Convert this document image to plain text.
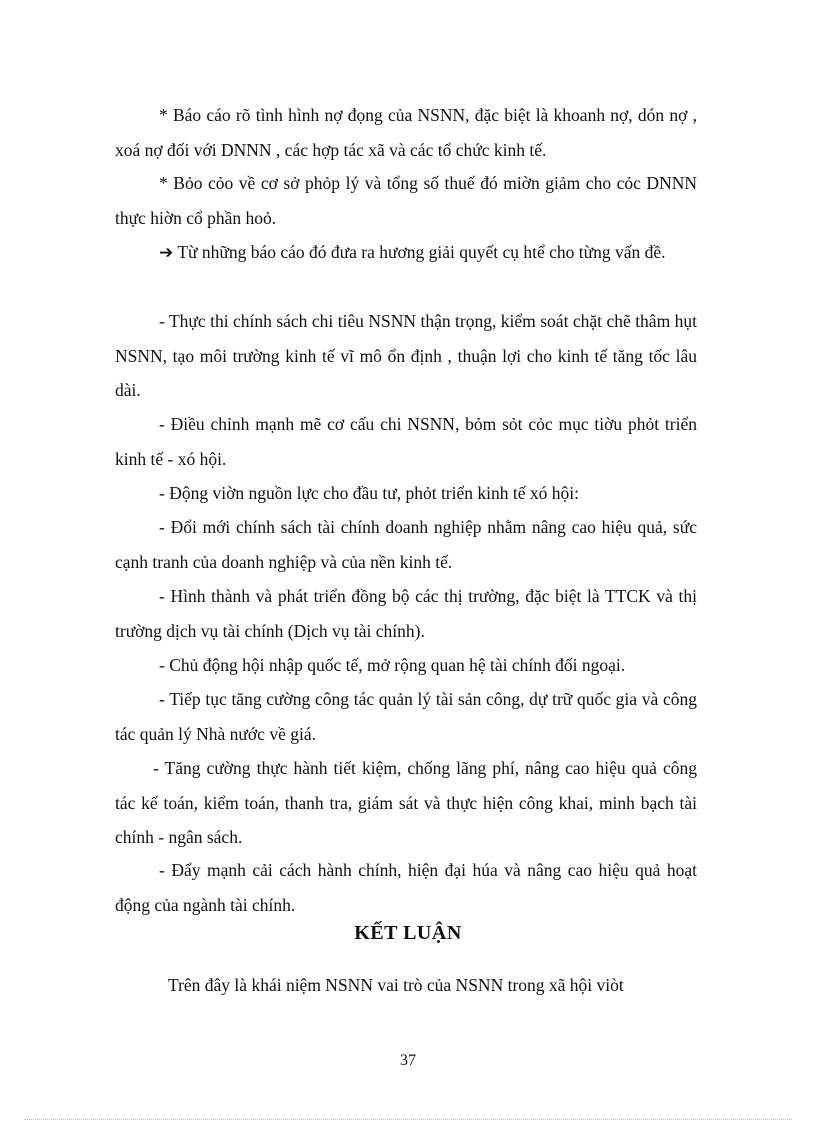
* Báo cáo rõ tình hình nợ đọng của NSNN, đặc biệt là khoanh nợ, dón nợ , xoá nợ đối với DNNN , các hợp tác xã và các tổ chức kinh tế.

* Bỏo cỏo về cơ sở phỏp lý và tổng số thuế đó miờn giảm cho cỏc DNNN thực hiờn cổ phần hoỏ.

➔ Từ những báo cáo đó đưa ra hương giải quyết cụ htể cho từng vấn đề.

- Thực thi chính sách chi tiêu NSNN thận trọng, kiểm soát chặt chẽ thâm hụt NSNN, tạo môi trường kinh tế vĩ mô ổn định , thuận lợi cho kinh tế tăng tốc lâu dài.

- Điều chỉnh mạnh mẽ cơ cấu chi NSNN, bỏm sỏt cỏc mục tiờu phỏt triển kinh tế - xó hội.

- Động viờn nguồn lực cho đầu tư, phỏt triển kinh tế xó hội:

- Đổi mới chính sách tài chính doanh nghiệp nhằm nâng cao hiệu quả, sức cạnh tranh của doanh nghiệp và của nền kinh tế.

- Hình thành và phát triển đồng bộ các thị trường, đặc biệt là TTCK và thị trường dịch vụ tài chính (Dịch vụ tài chính).

- Chủ động hội nhập quốc tế, mở rộng quan hệ tài chính đối ngoại.

- Tiếp tục tăng cường công tác quản lý tài sản công, dự trữ quốc gia và công tác quản lý Nhà nước về giá.

- Tăng cường thực hành tiết kiệm, chống lãng phí, nâng cao hiệu quả công tác kế toán, kiểm toán, thanh tra, giám sát và thực hiện công khai, minh bạch tài chính - ngân sách.

- Đẩy mạnh cải cách hành chính, hiện đại húa và nâng cao hiệu quả hoạt động của ngành tài chính.

KẾT LUẬN
Trên đây là khái niệm NSNN vai trò của NSNN trong xã hội viòt
37
